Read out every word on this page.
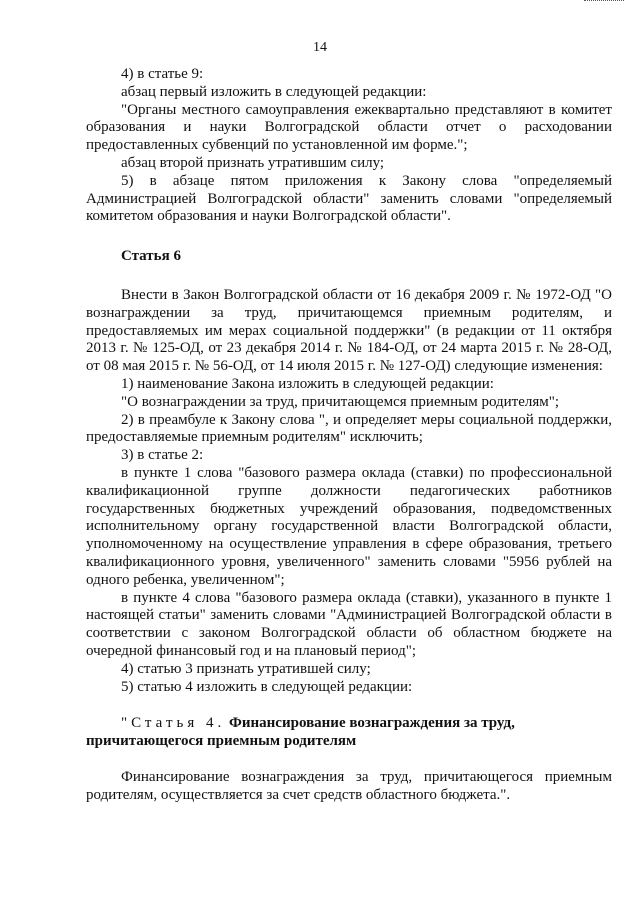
14

4) в статье 9:

абзац первый изложить в следующей редакции:

"Органы местного самоуправления ежеквартально представляют в комитет образования и науки Волгоградской области отчет о расходовании предоставленных субвенций по установленной им форме.";

абзац второй признать утратившим силу;

5) в абзаце пятом приложения к Закону слова "определяемый Администрацией Волгоградской области" заменить словами "определяемый комитетом образования и науки Волгоградской области".

Статья 6

Внести в Закон Волгоградской области от 16 декабря 2009 г. № 1972-ОД "О вознаграждении за труд, причитающемся приемным родителям, и предоставляемых им мерах социальной поддержки" (в редакции от 11 октября 2013 г. № 125-ОД, от 23 декабря 2014 г. № 184-ОД, от 24 марта 2015 г. № 28-ОД, от 08 мая 2015 г. № 56-ОД, от 14 июля 2015 г. № 127-ОД) следующие изменения:

1) наименование Закона изложить в следующей редакции:

"О вознаграждении за труд, причитающемся приемным родителям";

2) в преамбуле к Закону слова ", и определяет меры социальной поддержки, предоставляемые приемным родителям" исключить;

3) в статье 2:

в пункте 1 слова "базового размера оклада (ставки) по профессиональной квалификационной группе должности педагогических работников государственных бюджетных учреждений образования, подведомственных исполнительному органу государственной власти Волгоградской области, уполномоченному на осуществление управления в сфере образования, третьего квалификационного уровня, увеличенного" заменить словами "5956 рублей на одного ребенка, увеличенном";

в пункте 4 слова "базового размера оклада (ставки), указанного в пункте 1 настоящей статьи" заменить словами "Администрацией Волгоградской области в соответствии с законом Волгоградской области об областном бюджете на очередной финансовый год и на плановый период";

4) статью 3 признать утратившей силу;

5) статью 4 изложить в следующей редакции:

"Статья 4. Финансирование вознаграждения за труд,

причитающегося приемным родителям

Финансирование вознаграждения за труд, причитающегося приемным родителям, осуществляется за счет средств областного бюджета.".
